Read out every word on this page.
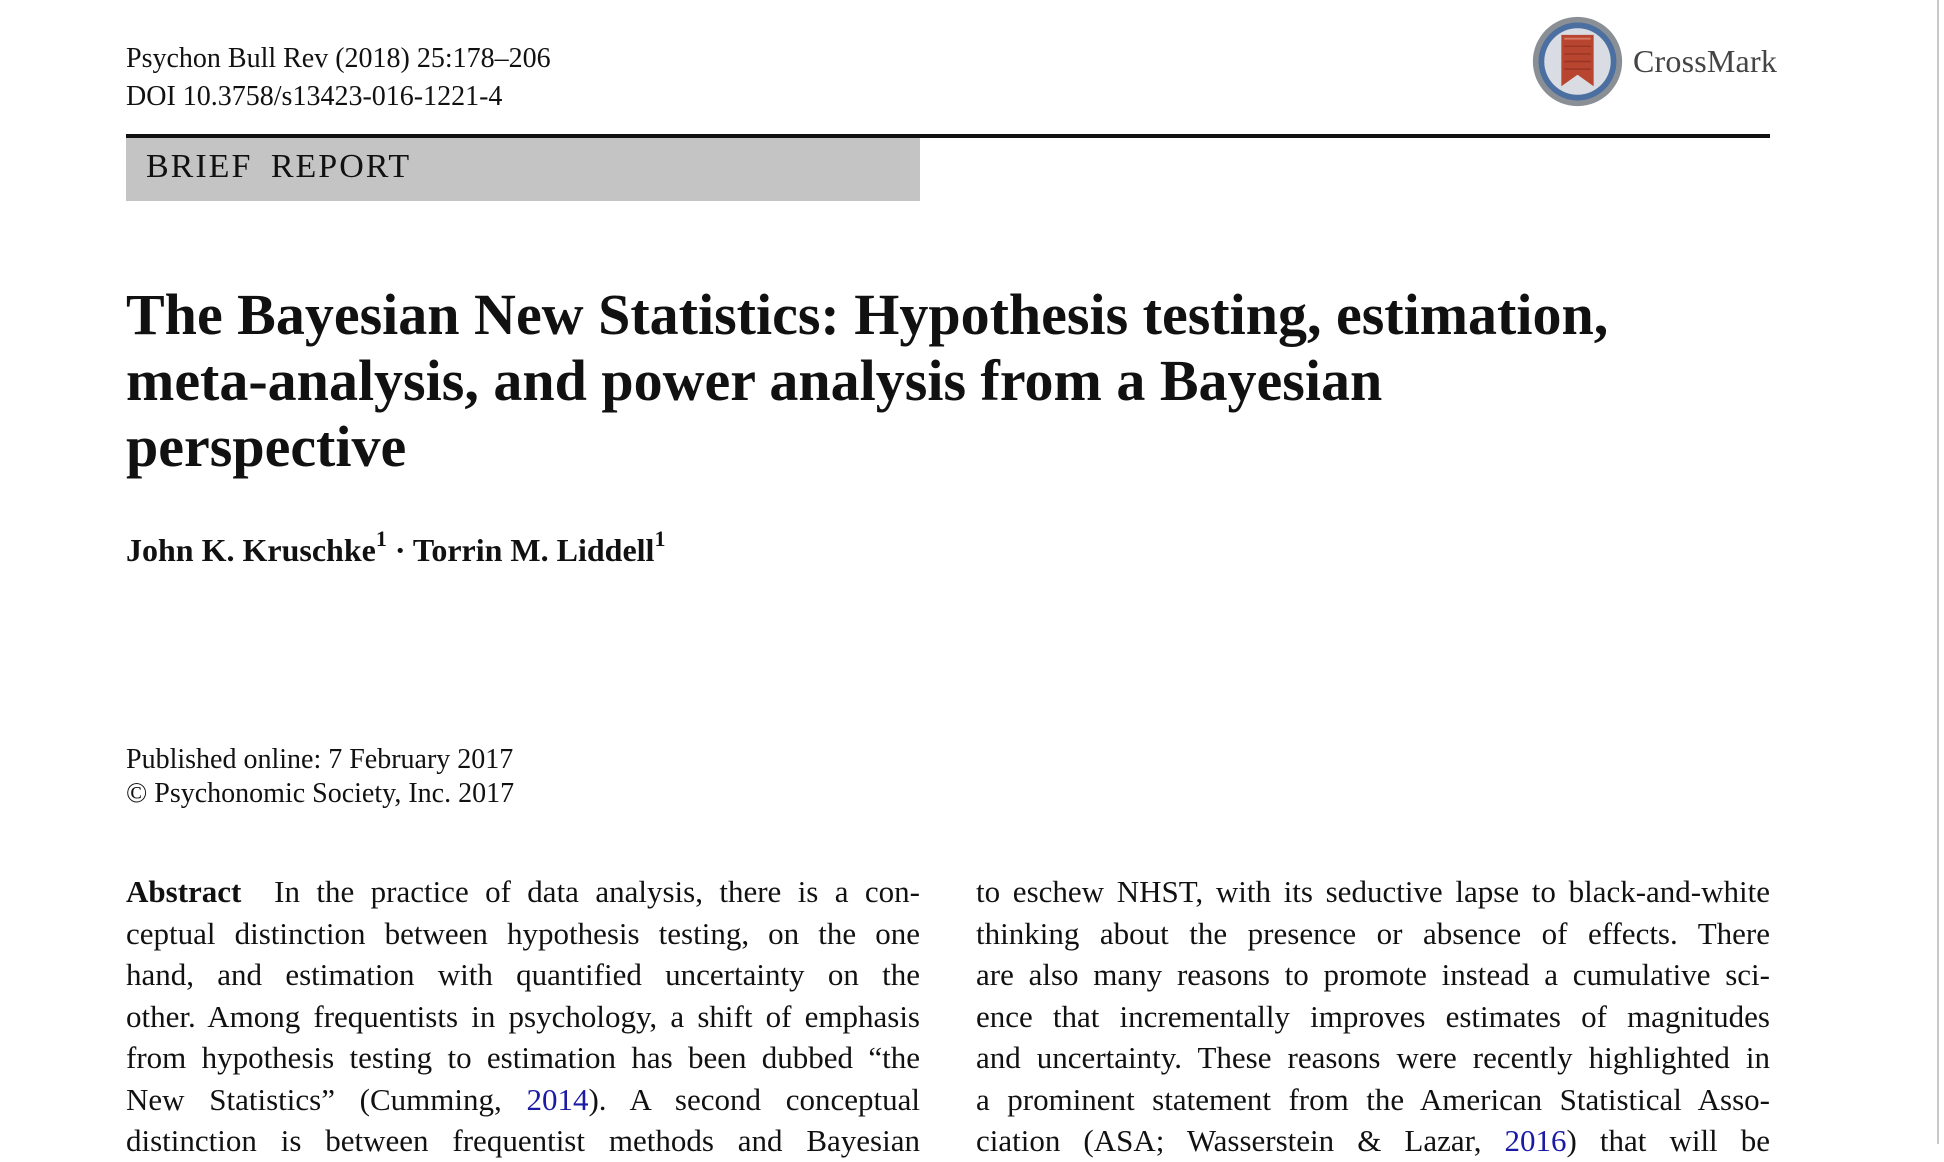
Psychon Bull Rev (2018) 25:178–206
DOI 10.3758/s13423-016-1221-4
CrossMark
BRIEF REPORT
The Bayesian New Statistics: Hypothesis testing, estimation,
meta-analysis, and power analysis from a Bayesian
perspective
John K. Kruschke$^1$ · Torrin M. Liddell$^1$
Published online: 7 February 2017
© Psychonomic Society, Inc. 2017
Abstract In the practice of data analysis, there is a con-
ceptual distinction between hypothesis testing, on the one
hand, and estimation with quantified uncertainty on the
other. Among frequentists in psychology, a shift of emphasis
from hypothesis testing to estimation has been dubbed “the
New Statistics” (Cumming, 2014). A second conceptual
distinction is between frequentist methods and Bayesian
to eschew NHST, with its seductive lapse to black-and-white
thinking about the presence or absence of effects. There
are also many reasons to promote instead a cumulative sci-
ence that incrementally improves estimates of magnitudes
and uncertainty. These reasons were recently highlighted in
a prominent statement from the American Statistical Asso-
ciation (ASA; Wasserstein & Lazar, 2016) that will be
